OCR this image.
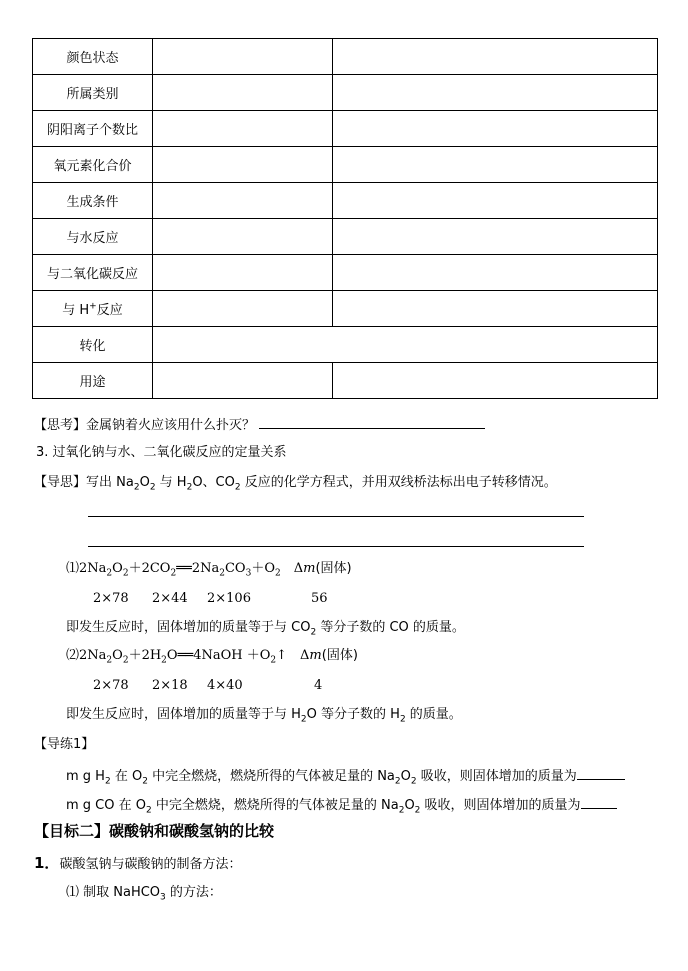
颜色状态		
所属类别		
阴阳离子个数比		
氧元素化合价		
生成条件		
与水反应		
与二氧化碳反应		
与 H+反应		
转化		
用途		
【思考】金属钠着火应该用什么扑灭？
3. 过氧化钠与水、二氧化碳反应的定量关系
【导思】写出 $Na_2O_2$ 与 $H_2O$、$CO_2$ 反应的化学方程式，并用双线桥法标出电子转移情况。
$⑴2Na_2O_2+2CO_2══2Na_2CO_3+O_2$　Δm(固体)
2×78 2×44 2×106	56
即发生反应时，固体增加的质量等于与 $CO_2$ 等分子数的 CO 的质量。
$⑵2Na_2O_2+2H_2O══4NaOH$ $+O_2↑$　Δm(固体)
2×78 2×18 4×40	4
即发生反应时，固体增加的质量等于与 $H_2O$ 等分子数的 $H_2$ 的质量。
【导练1】
m g $H_2$ 在 $O_2$ 中完全燃烧，燃烧所得的气体被足量的 $Na_2O_2$ 吸收，则固体增加的质量为
m g CO 在 $O_2$ 中完全燃烧，燃烧所得的气体被足量的 $Na_2O_2$ 吸收，则固体增加的质量为
【目标二】碳酸钠和碳酸氢钠的比较
1．碳酸氢钠与碳酸钠的制备方法：
⑴ 制取 NaHCO$_3$ 的方法：
